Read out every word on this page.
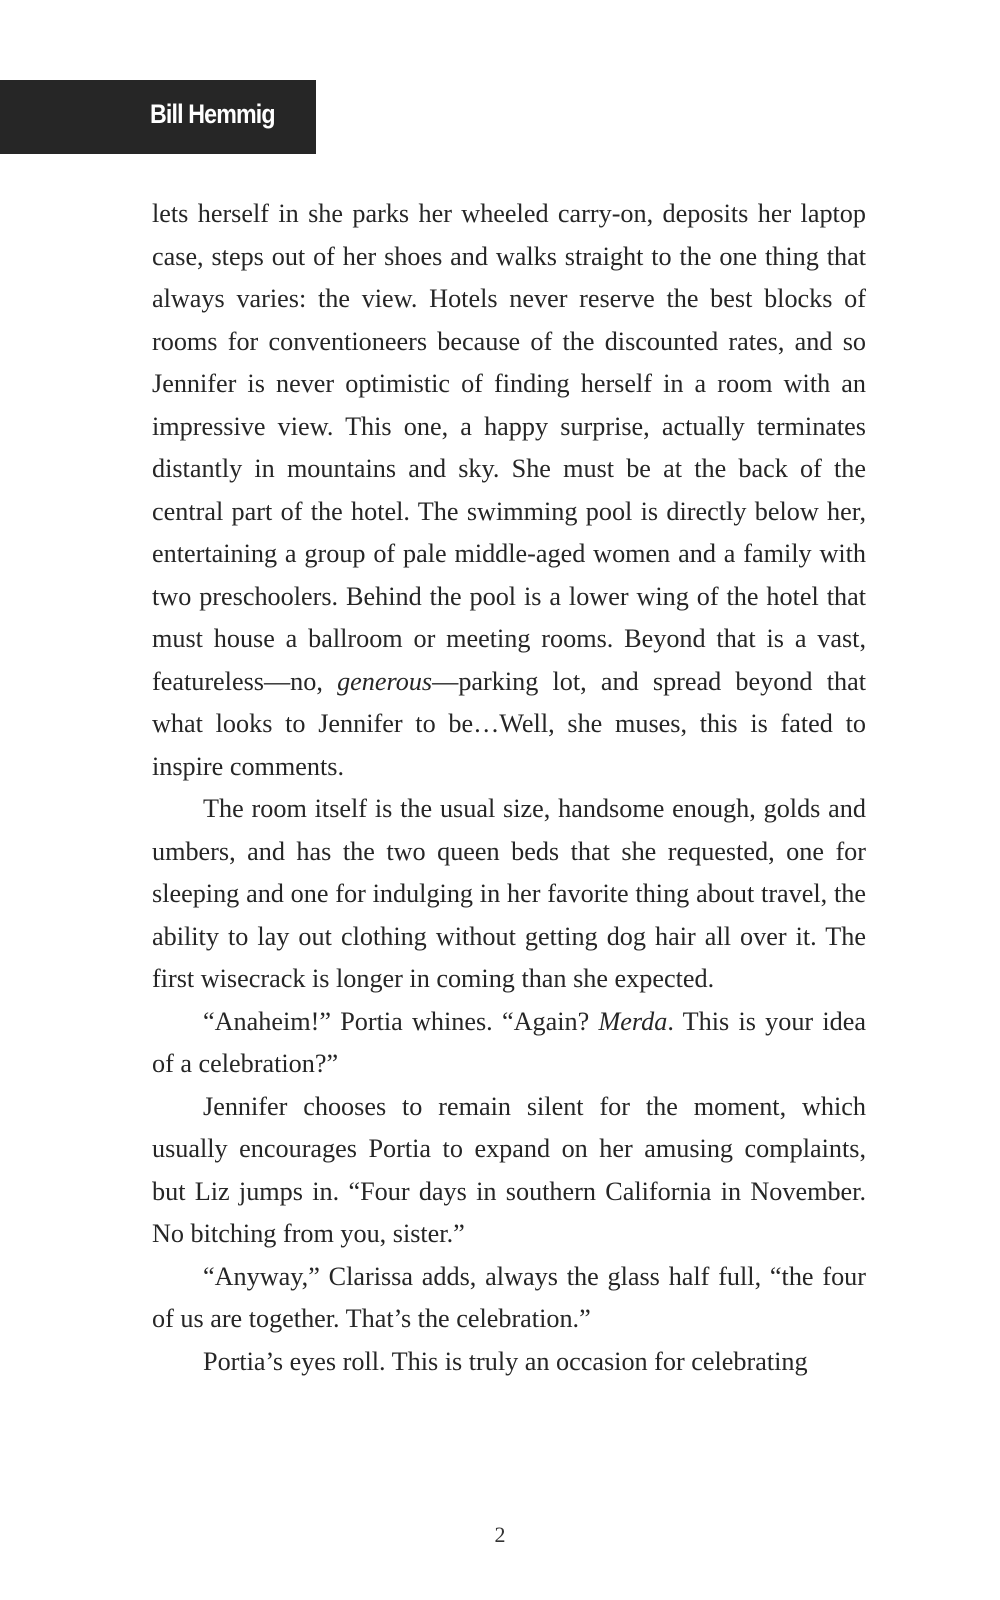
Bill Hemmig

lets herself in she parks her wheeled carry-on, deposits her laptop case, steps out of her shoes and walks straight to the one thing that always varies: the view. Hotels never reserve the best blocks of rooms for conventioneers because of the discounted rates, and so Jennifer is never optimistic of finding herself in a room with an impressive view. This one, a happy surprise, actually terminates distantly in mountains and sky. She must be at the back of the central part of the hotel. The swimming pool is directly below her, entertaining a group of pale middle-aged women and a family with two preschoolers. Behind the pool is a lower wing of the hotel that must house a ballroom or meeting rooms. Beyond that is a vast, featureless—no, generous—parking lot, and spread beyond that what looks to Jennifer to be…Well, she muses, this is fated to inspire comments.

The room itself is the usual size, handsome enough, golds and umbers, and has the two queen beds that she requested, one for sleeping and one for indulging in her favorite thing about travel, the ability to lay out clothing without getting dog hair all over it. The first wisecrack is longer in coming than she expected.

“Anaheim!” Portia whines. “Again? Merda. This is your idea of a celebration?”

Jennifer chooses to remain silent for the moment, which usually encourages Portia to expand on her amusing complaints, but Liz jumps in. “Four days in southern California in November. No bitching from you, sister.”

“Anyway,” Clarissa adds, always the glass half full, “the four of us are together. That’s the celebration.”

Portia’s eyes roll. This is truly an occasion for celebrating

2
